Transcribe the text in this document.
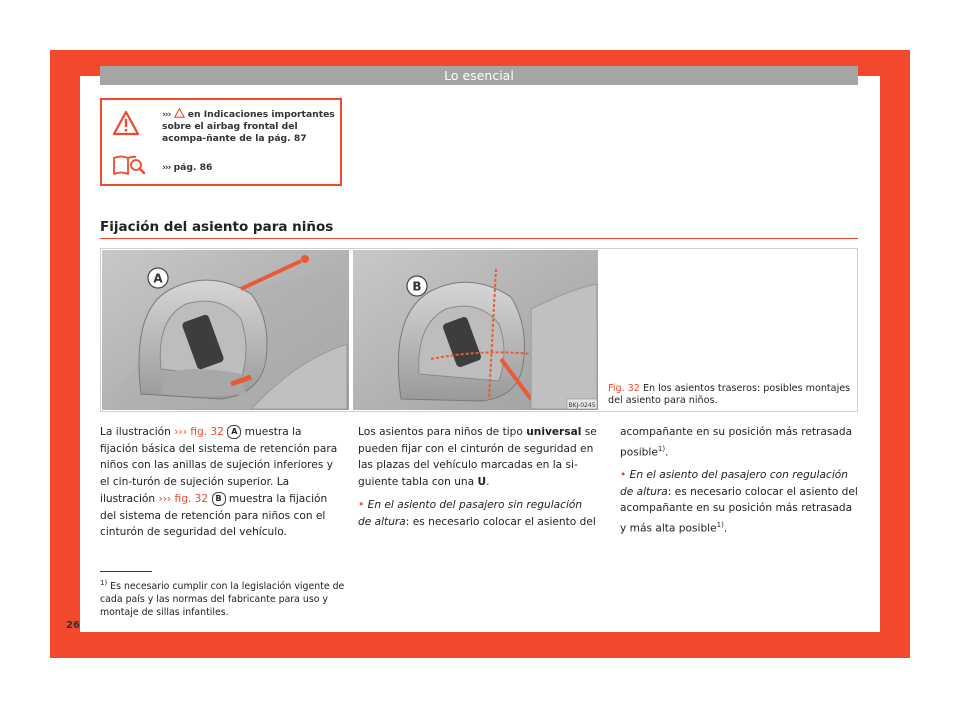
Lo esencial
››› en Indicaciones importantes sobre el airbag frontal del acompa-ñante de la pág. 87
››› pág. 86
Fijación del asiento para niños
A
B
BKJ-0245
Fig. 32 En los asientos traseros: posibles montajes del asiento para niños.
La ilustración ››› fig. 32 A muestra la fijación básica del sistema de retención para niños con las anillas de sujeción inferiores y el cin-turón de sujeción superior. La ilustración ››› fig. 32 B muestra la fijación del sistema de retención para niños con el cinturón de seguridad del vehículo.
Los asientos para niños de tipo universal se pueden fijar con el cinturón de seguridad en las plazas del vehículo marcadas en la si-guiente tabla con una U.
• En el asiento del pasajero sin regulación de altura: es necesario colocar el asiento del
acompañante en su posición más retrasada posible$^{1)}$.
• En el asiento del pasajero con regulación de altura: es necesario colocar el asiento del acompañante en su posición más retrasada y más alta posible$^{1)}$.
$^{1)}$ Es necesario cumplir con la legislación vigente de cada país y las normas del fabricante para uso y montaje de sillas infantiles.
26
